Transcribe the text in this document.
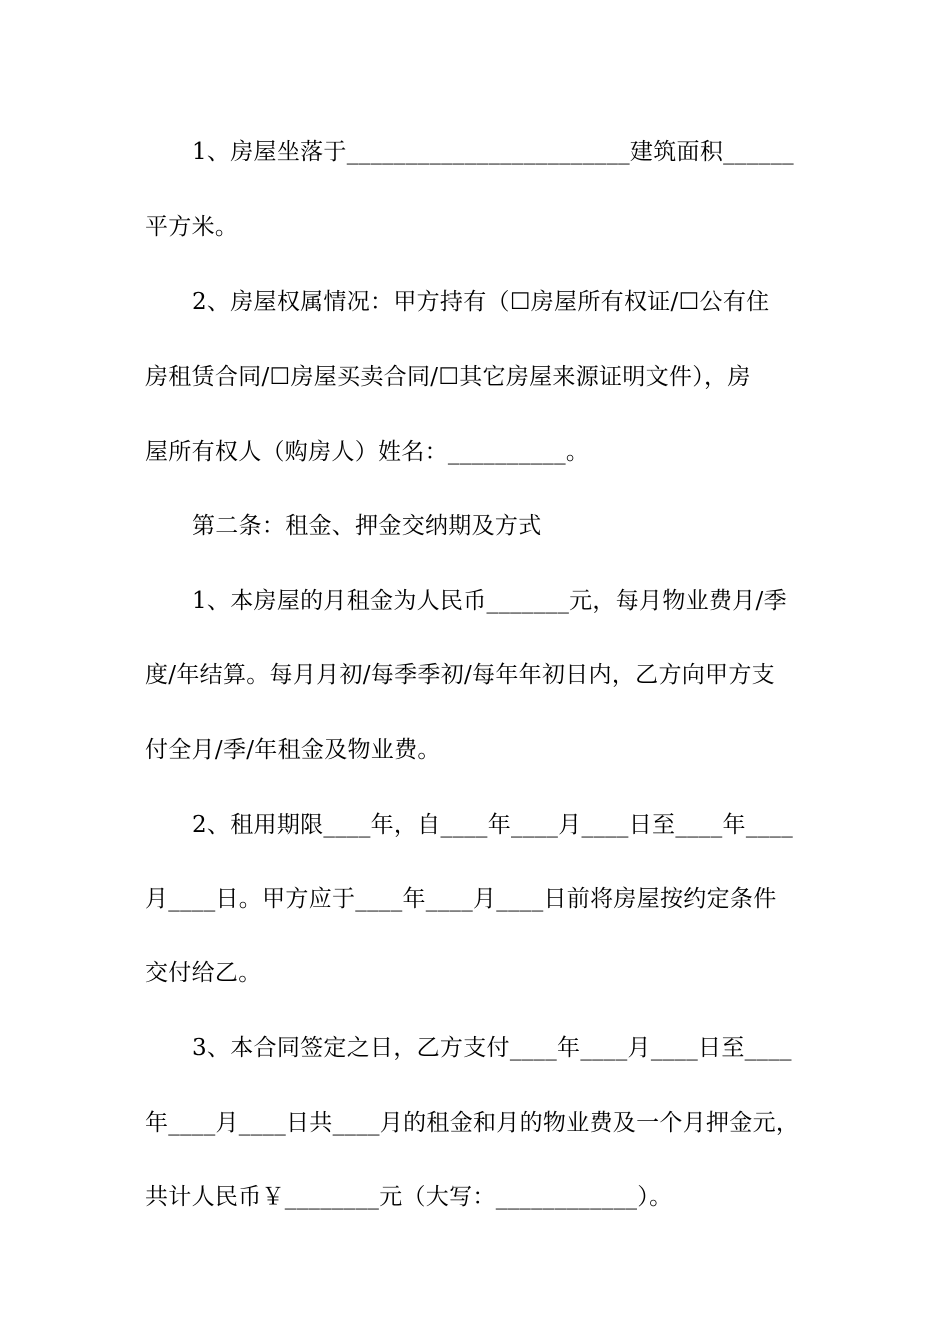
1、房屋坐落于________________________建筑面积______
平方米。
2、房屋权属情况：甲方持有（☐房屋所有权证/☐公有住
房租赁合同/☐房屋买卖合同/☐其它房屋来源证明文件），房
屋所有权人（购房人）姓名：__________。
第二条：租金、押金交纳期及方式
1、本房屋的月租金为人民币_______元，每月物业费月/季
度/年结算。每月月初/每季季初/每年年初日内，乙方向甲方支
付全月/季/年租金及物业费。
2、租用期限____年，自____年____月____日至____年____
月____日。甲方应于____年____月____日前将房屋按约定条件
交付给乙。
3、本合同签定之日，乙方支付____年____月____日至____
年____月____日共____月的租金和月的物业费及一个月押金元，
共计人民币￥________元（大写：____________）。
